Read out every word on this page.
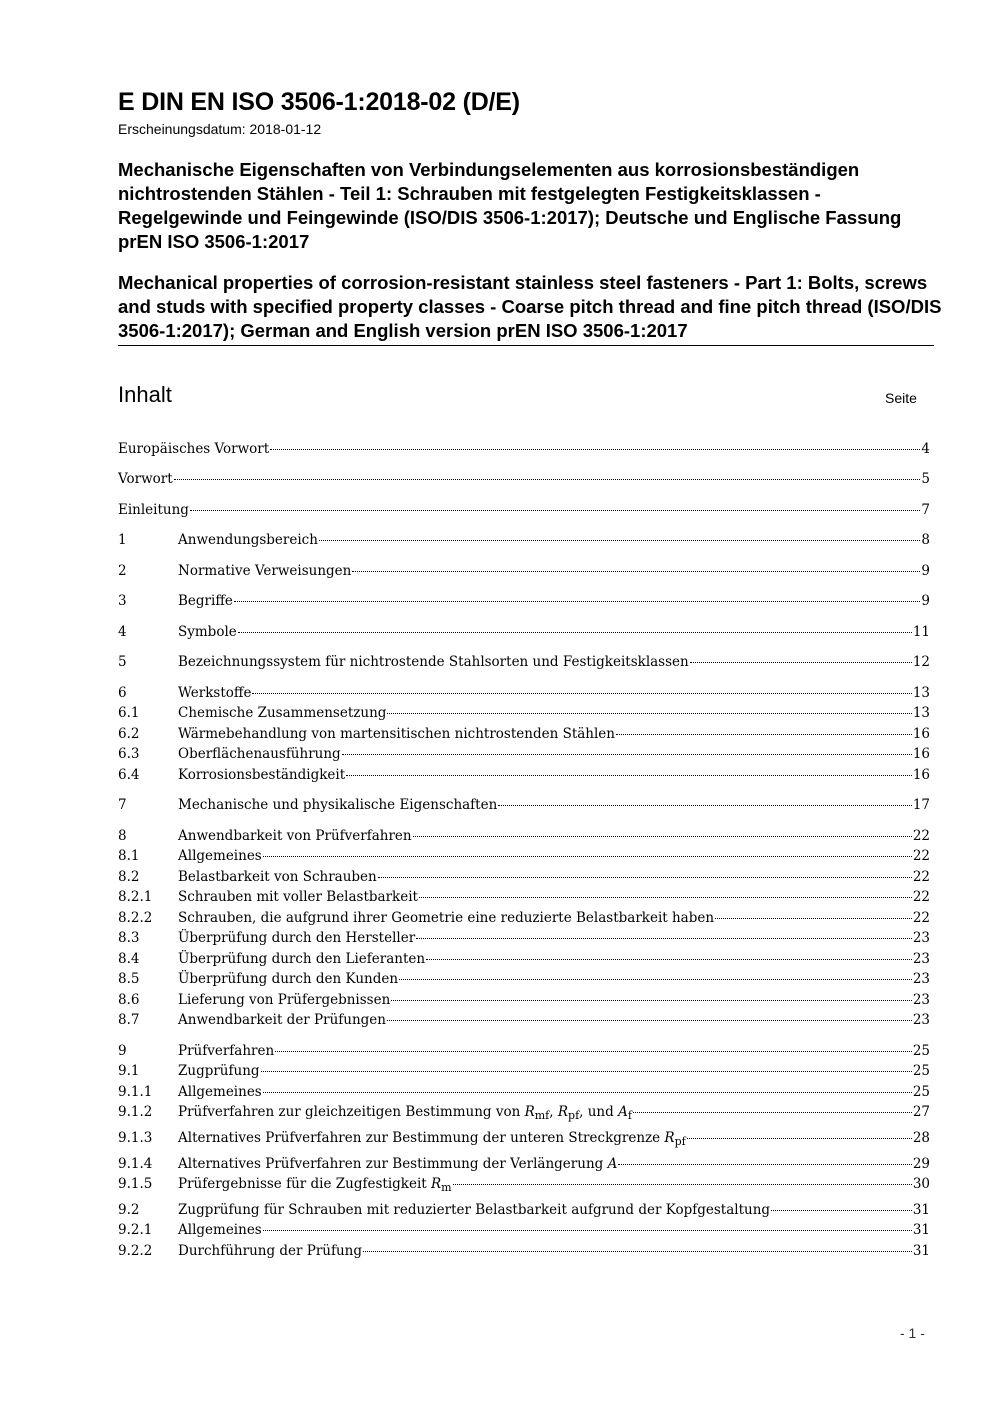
E DIN EN ISO 3506-1:2018-02 (D/E)
Erscheinungsdatum: 2018-01-12

Mechanische Eigenschaften von Verbindungselementen aus korrosionsbeständigen nichtrostenden Stählen - Teil 1: Schrauben mit festgelegten Festigkeitsklassen - Regelgewinde und Feingewinde (ISO/DIS 3506-1:2017); Deutsche und Englische Fassung prEN ISO 3506-1:2017

Mechanical properties of corrosion-resistant stainless steel fasteners - Part 1: Bolts, screws and studs with specified property classes - Coarse pitch thread and fine pitch thread (ISO/DIS 3506-1:2017); German and English version prEN ISO 3506-1:2017

Inhalt	Seite
Europäisches Vorwort	4
Vorwort	5
Einleitung	7
1	Anwendungsbereich	8
2	Normative Verweisungen	9
3	Begriffe	9
4	Symbole	11
5	Bezeichnungssystem für nichtrostende Stahlsorten und Festigkeitsklassen	12
6	Werkstoffe	13
6.1	Chemische Zusammensetzung	13
6.2	Wärmebehandlung von martensitischen nichtrostenden Stählen	16
6.3	Oberflächenausführung	16
6.4	Korrosionsbeständigkeit	16
7	Mechanische und physikalische Eigenschaften	17
8	Anwendbarkeit von Prüfverfahren	22
8.1	Allgemeines	22
8.2	Belastbarkeit von Schrauben	22
8.2.1	Schrauben mit voller Belastbarkeit	22
8.2.2	Schrauben, die aufgrund ihrer Geometrie eine reduzierte Belastbarkeit haben	22
8.3	Überprüfung durch den Hersteller	23
8.4	Überprüfung durch den Lieferanten	23
8.5	Überprüfung durch den Kunden	23
8.6	Lieferung von Prüfergebnissen	23
8.7	Anwendbarkeit der Prüfungen	23
9	Prüfverfahren	25
9.1	Zugprüfung	25
9.1.1	Allgemeines	25
9.1.2	Prüfverfahren zur gleichzeitigen Bestimmung von $R_{mf}$, $R_{pf}$, und $A_f$	27
9.1.3	Alternatives Prüfverfahren zur Bestimmung der unteren Streckgrenze $R_{pf}$	28
9.1.4	Alternatives Prüfverfahren zur Bestimmung der Verlängerung A	29
9.1.5	Prüfergebnisse für die Zugfestigkeit $R_m$	30
9.2	Zugprüfung für Schrauben mit reduzierter Belastbarkeit aufgrund der Kopfgestaltung	31
9.2.1	Allgemeines	31
9.2.2	Durchführung der Prüfung	31
- 1 -
